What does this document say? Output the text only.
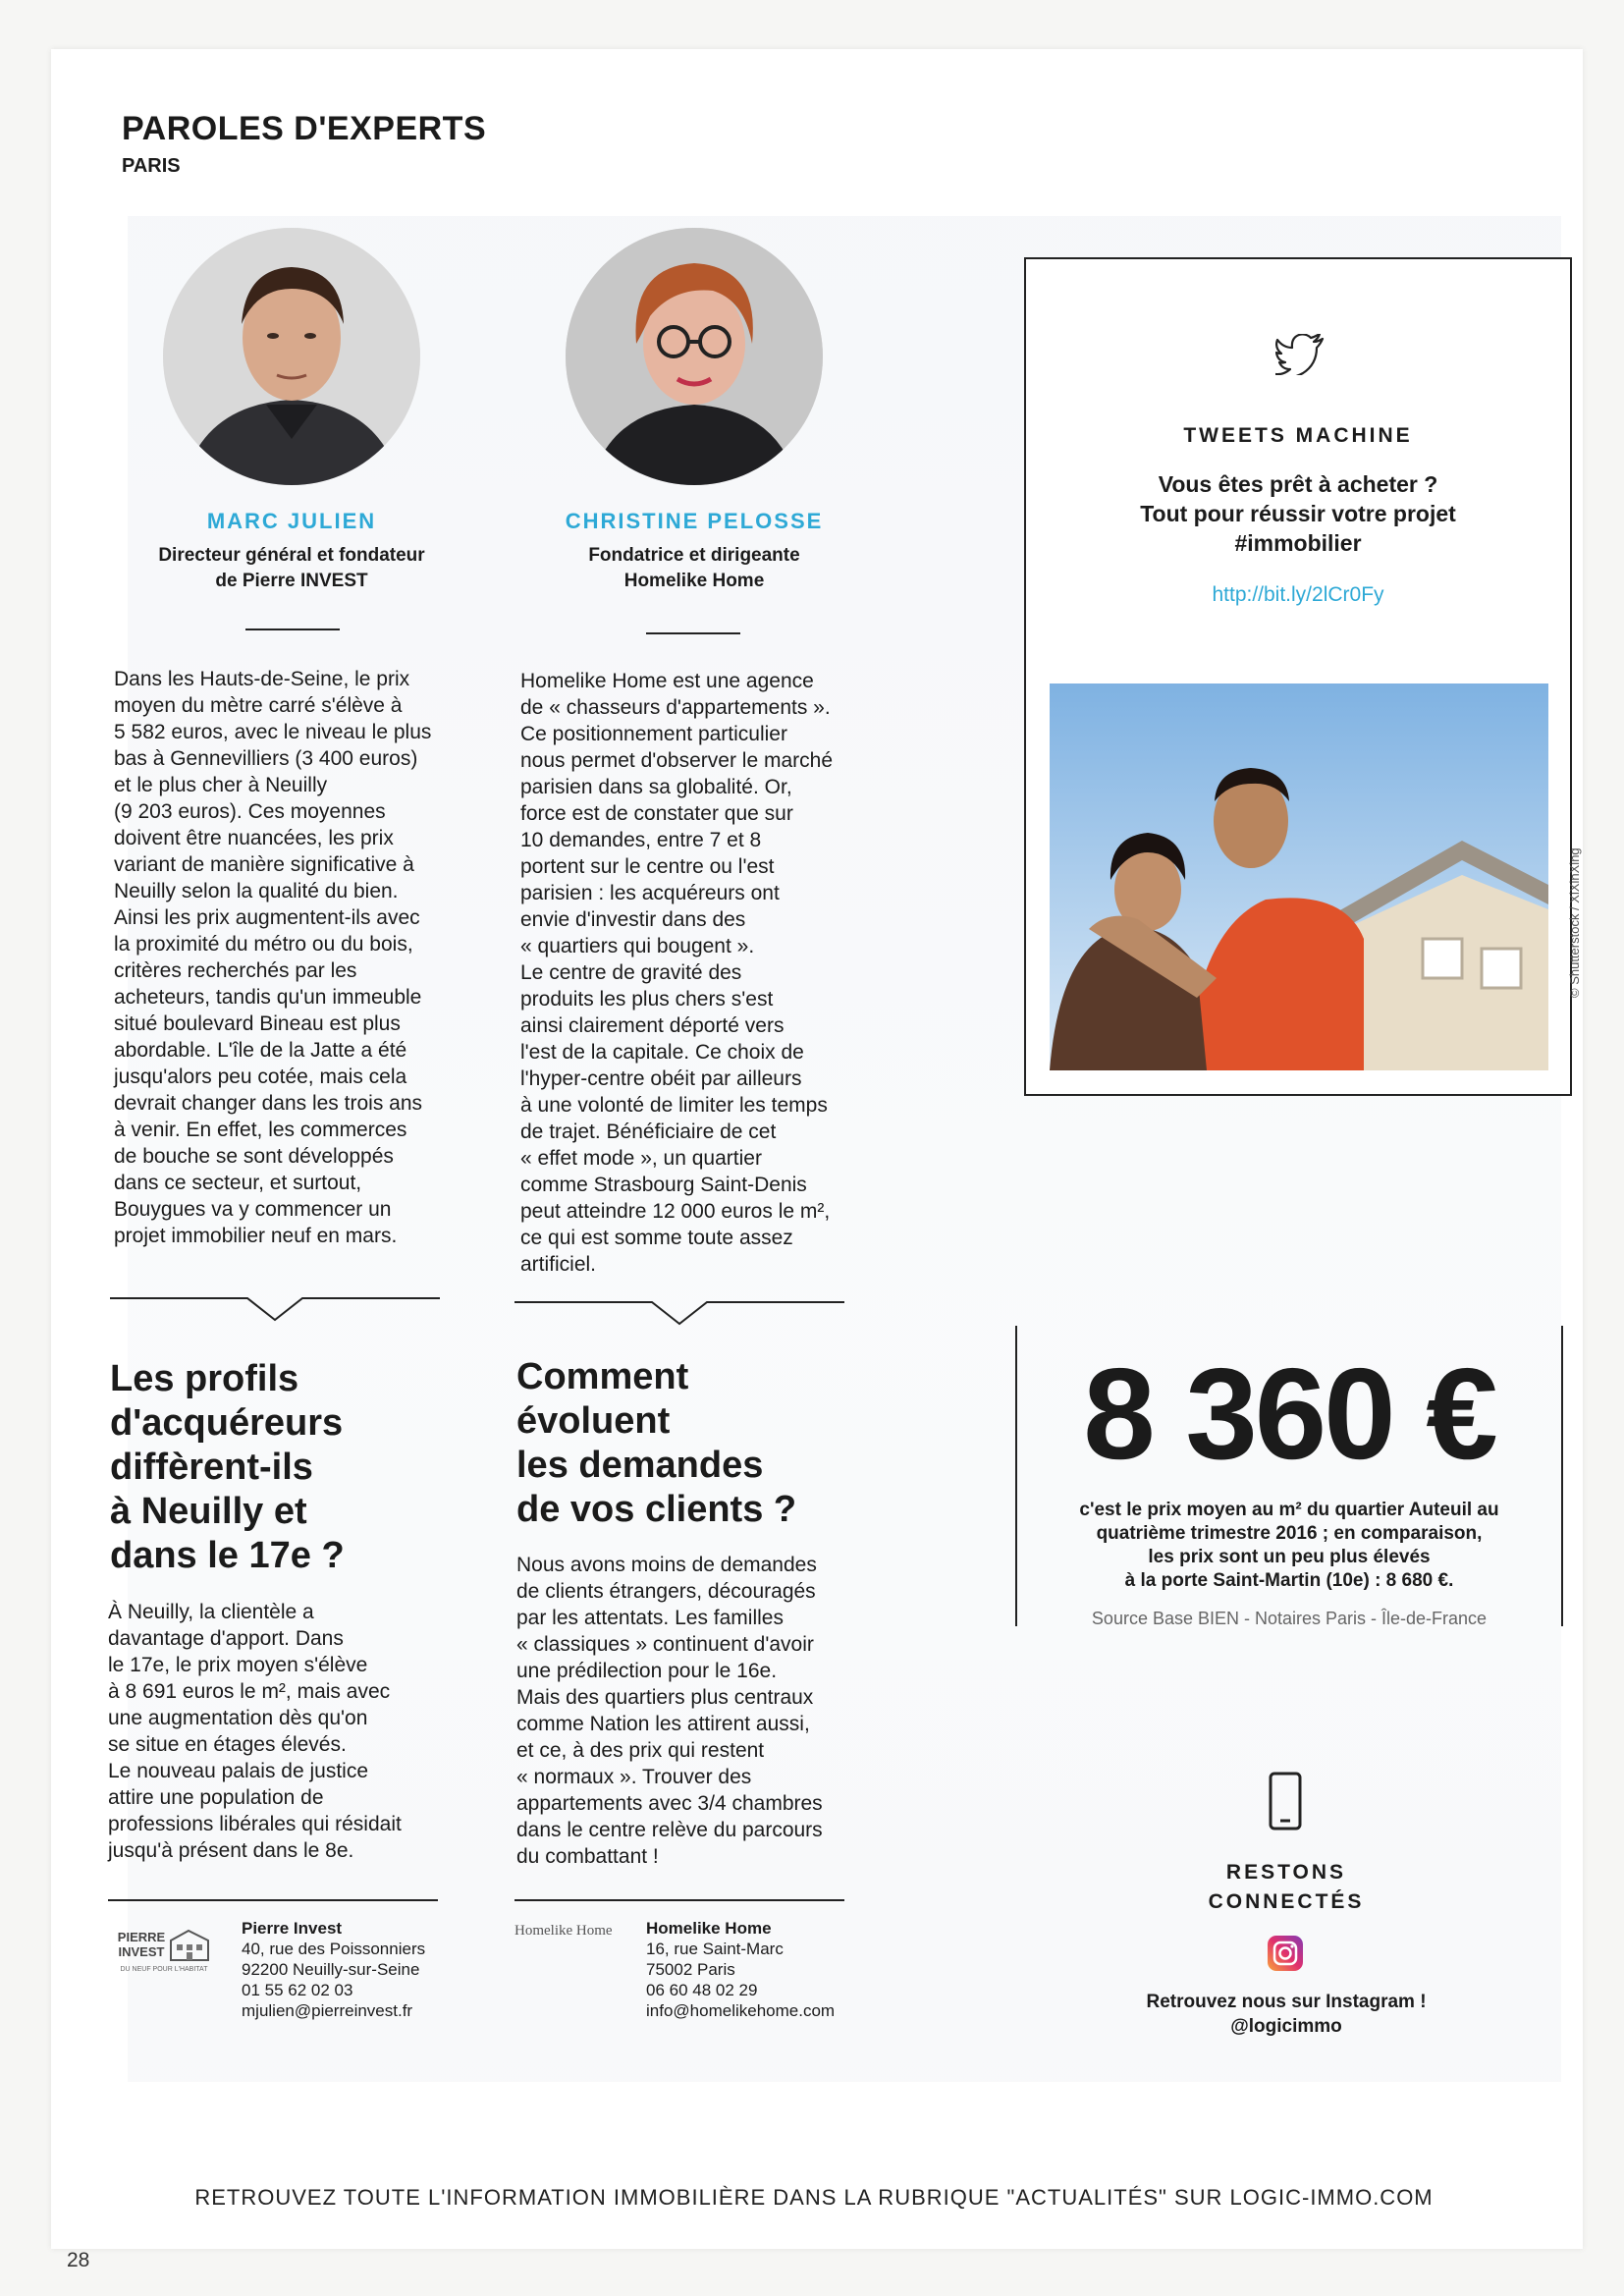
PAROLES D'EXPERTS
PARIS
MARC JULIEN
Directeur général et fondateur
de Pierre INVEST

Dans les Hauts-de-Seine, le prix

moyen du mètre carré s'élève à

5 582 euros, avec le niveau le plus

bas à Gennevilliers (3 400 euros)

et le plus cher à Neuilly

(9 203 euros). Ces moyennes

doivent être nuancées, les prix

variant de manière significative à

Neuilly selon la qualité du bien.

Ainsi les prix augmentent-ils avec

la proximité du métro ou du bois,

critères recherchés par les

acheteurs, tandis qu'un immeuble

situé boulevard Bineau est plus

abordable. L'île de la Jatte a été

jusqu'alors peu cotée, mais cela

devrait changer dans les trois ans

à venir. En effet, les commerces

de bouche se sont développés

dans ce secteur, et surtout,

Bouygues va y commencer un

projet immobilier neuf en mars.

Les profils
d'acquéreurs
diffèrent-ils
à Neuilly et
dans le 17e ?

À Neuilly, la clientèle a

davantage d'apport. Dans

le 17e, le prix moyen s'élève

à 8 691 euros le m², mais avec

une augmentation dès qu'on

se situe en étages élevés.

Le nouveau palais de justice

attire une population de

professions libérales qui résidait

jusqu'à présent dans le 8e.

PIERRE
INVEST
DU NEUF POUR L'HABITAT
Pierre Invest
40, rue des Poissonniers
92200 Neuilly-sur-Seine
01 55 62 02 03
mjulien@pierreinvest.fr
CHRISTINE PELOSSE
Fondatrice et dirigeante
Homelike Home

Homelike Home est une agence

de « chasseurs d'appartements ».

Ce positionnement particulier

nous permet d'observer le marché

parisien dans sa globalité. Or,

force est de constater que sur

10 demandes, entre 7 et 8

portent sur le centre ou l'est

parisien : les acquéreurs ont

envie d'investir dans des

« quartiers qui bougent ».

Le centre de gravité des

produits les plus chers s'est

ainsi clairement déporté vers

l'est de la capitale. Ce choix de

l'hyper-centre obéit par ailleurs

à une volonté de limiter les temps

de trajet. Bénéficiaire de cet

« effet mode », un quartier

comme Strasbourg Saint-Denis

peut atteindre 12 000 euros le m²,

ce qui est somme toute assez

artificiel.

Comment
évoluent
les demandes
de vos clients ?

Nous avons moins de demandes

de clients étrangers, découragés

par les attentats. Les familles

« classiques » continuent d'avoir

une prédilection pour le 16e.

Mais des quartiers plus centraux

comme Nation les attirent aussi,

et ce, à des prix qui restent

« normaux ». Trouver des

appartements avec 3/4 chambres

dans le centre relève du parcours

du combattant !

Homelike Home Homelike Home
16, rue Saint-Marc
75002 Paris
06 60 48 02 29
info@homelikehome.com
TWEETS MACHINE
Vous êtes prêt à acheter ?
Tout pour réussir votre projet
#immobilier
http://bit.ly/2lCr0Fy
© Shutterstock / XiXinXing
8 360 €
c'est le prix moyen au m² du quartier Auteuil au
quatrième trimestre 2016 ; en comparaison,
les prix sont un peu plus élevés
à la porte Saint-Martin (10e) : 8 680 €.
Source Base BIEN - Notaires Paris - Île-de-France
RESTONS
CONNECTÉS
Retrouvez nous sur Instagram !
@logicimmo
RETROUVEZ TOUTE L'INFORMATION IMMOBILIÈRE DANS LA RUBRIQUE "ACTUALITÉS" SUR LOGIC-IMMO.COM
28
